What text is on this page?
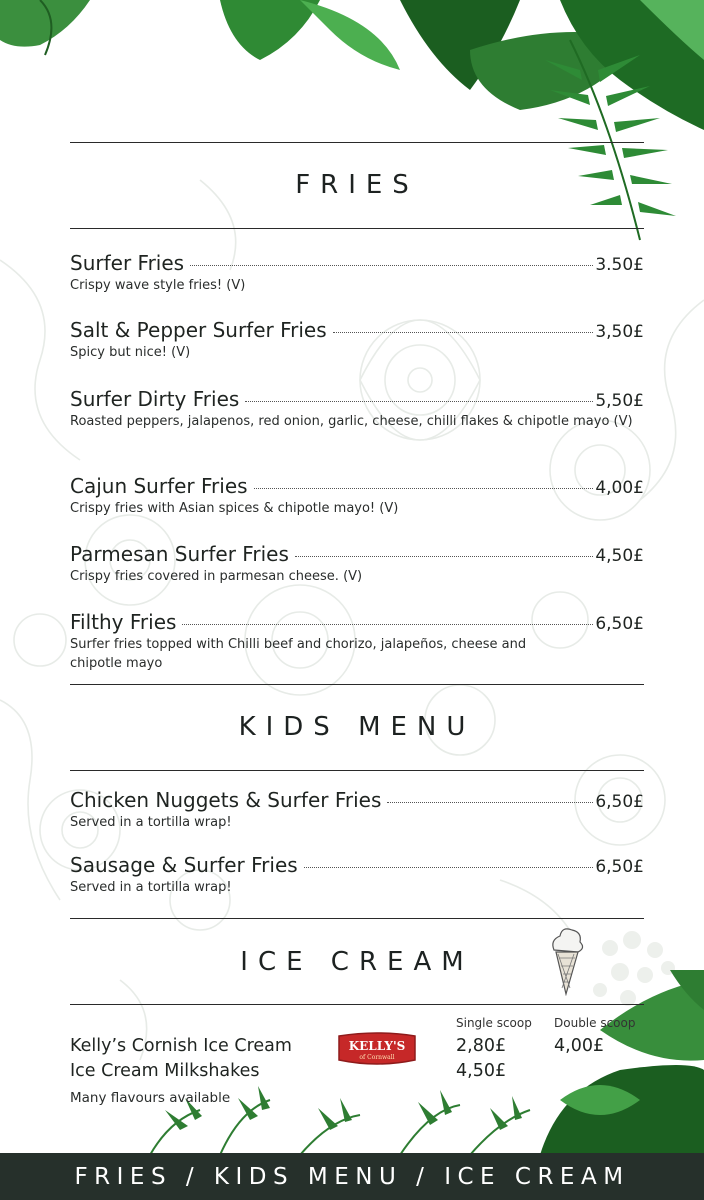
FRIES
Surfer Fries	3.50£
Crispy wave style fries! (V)
Salt & Pepper Surfer Fries	3,50£
Spicy but nice! (V)
Surfer Dirty Fries	5,50£
Roasted peppers, jalapenos, red onion, garlic, cheese, chilli flakes & chipotle mayo (V)
Cajun Surfer Fries	4,00£
Crispy fries with Asian spices & chipotle mayo! (V)
Parmesan Surfer Fries	4,50£
Crispy fries covered in parmesan cheese. (V)
Filthy Fries	6,50£
Surfer fries topped with Chilli beef and chorizo, jalapeños, cheese and chipotle mayo
KIDS MENU
Chicken Nuggets & Surfer Fries	6,50£
Served in a tortilla wrap!
Sausage & Surfer Fries	6,50£
Served in a tortilla wrap!
ICE CREAM
Single scoop Double scoop
Kelly’s Cornish Ice Cream	2,80£	4,00£
Ice Cream Milkshakes	4,50£
Many flavours available
KELLY'S
of Cornwall
FRIES / KIDS MENU / ICE CREAM
